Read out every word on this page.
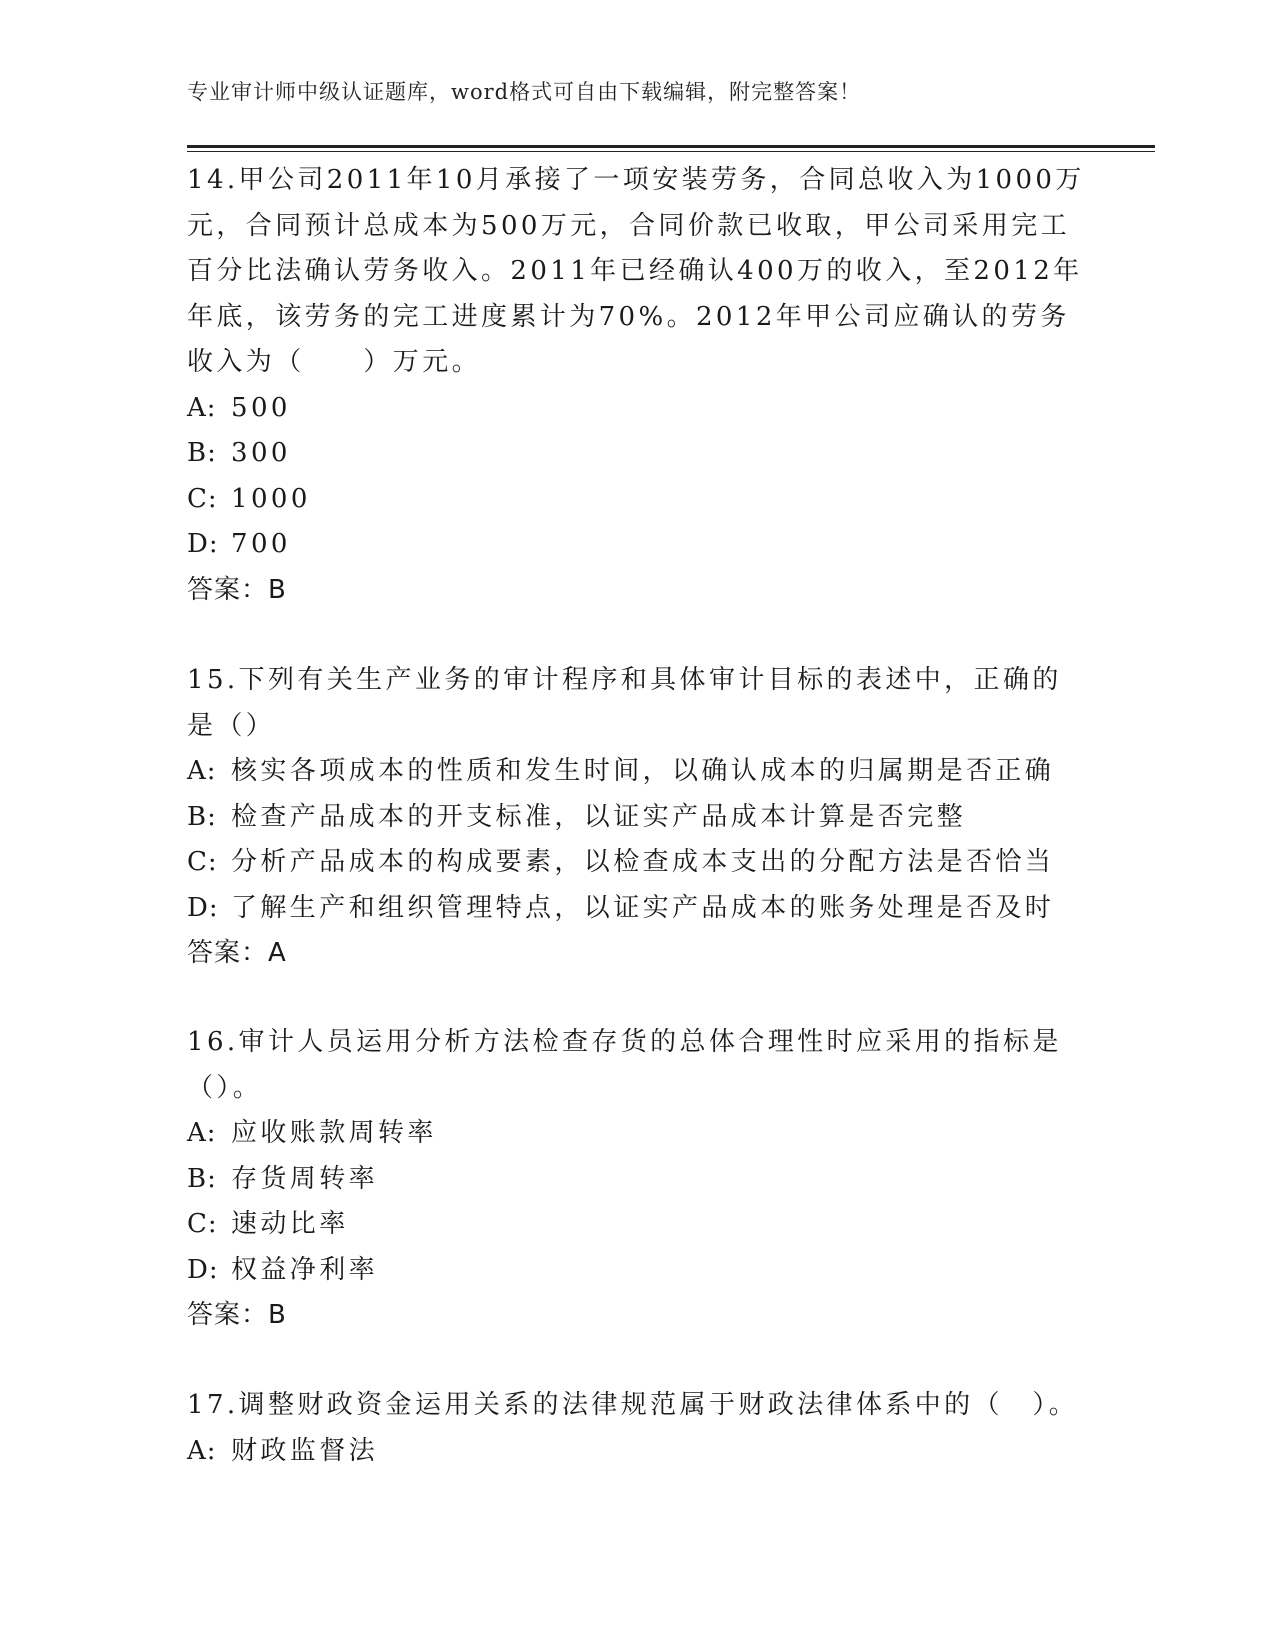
专业审计师中级认证题库，word格式可自由下载编辑，附完整答案！

14.甲公司2011年10月承接了一项安装劳务，合同总收入为1000万元，合同预计总成本为500万元，合同价款已收取，甲公司采用完工百分比法确认劳务收入。2011年已经确认400万的收入，至2012年年底，该劳务的完工进度累计为70%。2012年甲公司应确认的劳务收入为（　　）万元。

A: 500
B: 300
C: 1000
D: 700
答案：B

15.下列有关生产业务的审计程序和具体审计目标的表述中，正确的是（）

A: 核实各项成本的性质和发生时间，以确认成本的归属期是否正确
B: 检查产品成本的开支标准，以证实产品成本计算是否完整
C: 分析产品成本的构成要素，以检查成本支出的分配方法是否恰当
D: 了解生产和组织管理特点，以证实产品成本的账务处理是否及时
答案：A

16.审计人员运用分析方法检查存货的总体合理性时应采用的指标是（）。

A: 应收账款周转率
B: 存货周转率
C: 速动比率
D: 权益净利率
答案：B

17.调整财政资金运用关系的法律规范属于财政法律体系中的（　）。

A: 财政监督法
